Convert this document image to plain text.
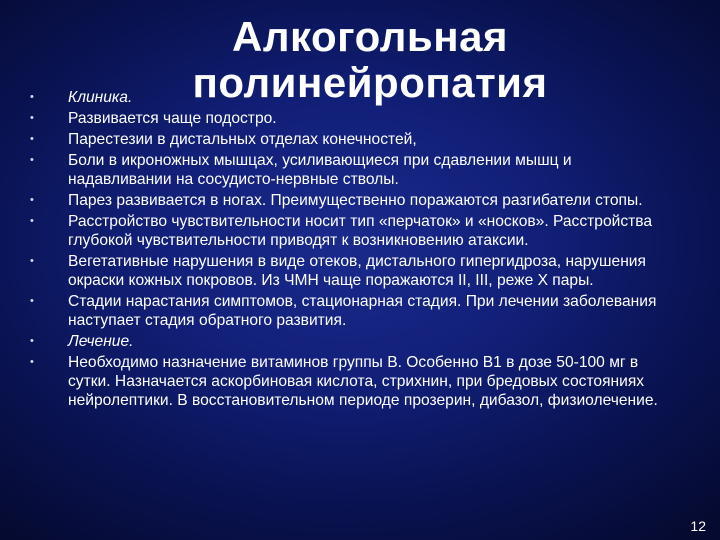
Алкогольная
полинейропатия
• Клиника.
• Развивается чаще подостро.
• Парестезии в дистальных отделах конечностей,
• Боли в икроножных мышцах, усиливающиеся при сдавлении мышц и надавливании на сосудисто-нервные стволы.
• Парез развивается в ногах. Преимущественно поражаются разгибатели стопы.
• Расстройство чувствительности носит тип «перчаток» и «носков». Расстройства глубокой чувствительности приводят к возникновению атаксии.
• Вегетативные нарушения в виде отеков, дистального гипергидроза, нарушения окраски кожных покровов. Из ЧМН чаще поражаются II, III, реже X пары.
• Стадии нарастания симптомов, стационарная стадия. При лечении заболевания наступает стадия обратного развития.
• Лечение.
• Необходимо назначение витаминов группы В. Особенно В1 в дозе 50-100 мг в сутки. Назначается аскорбиновая кислота, стрихнин, при бредовых состояниях нейролептики. В восстановительном периоде прозерин, дибазол, физиолечение.
12
